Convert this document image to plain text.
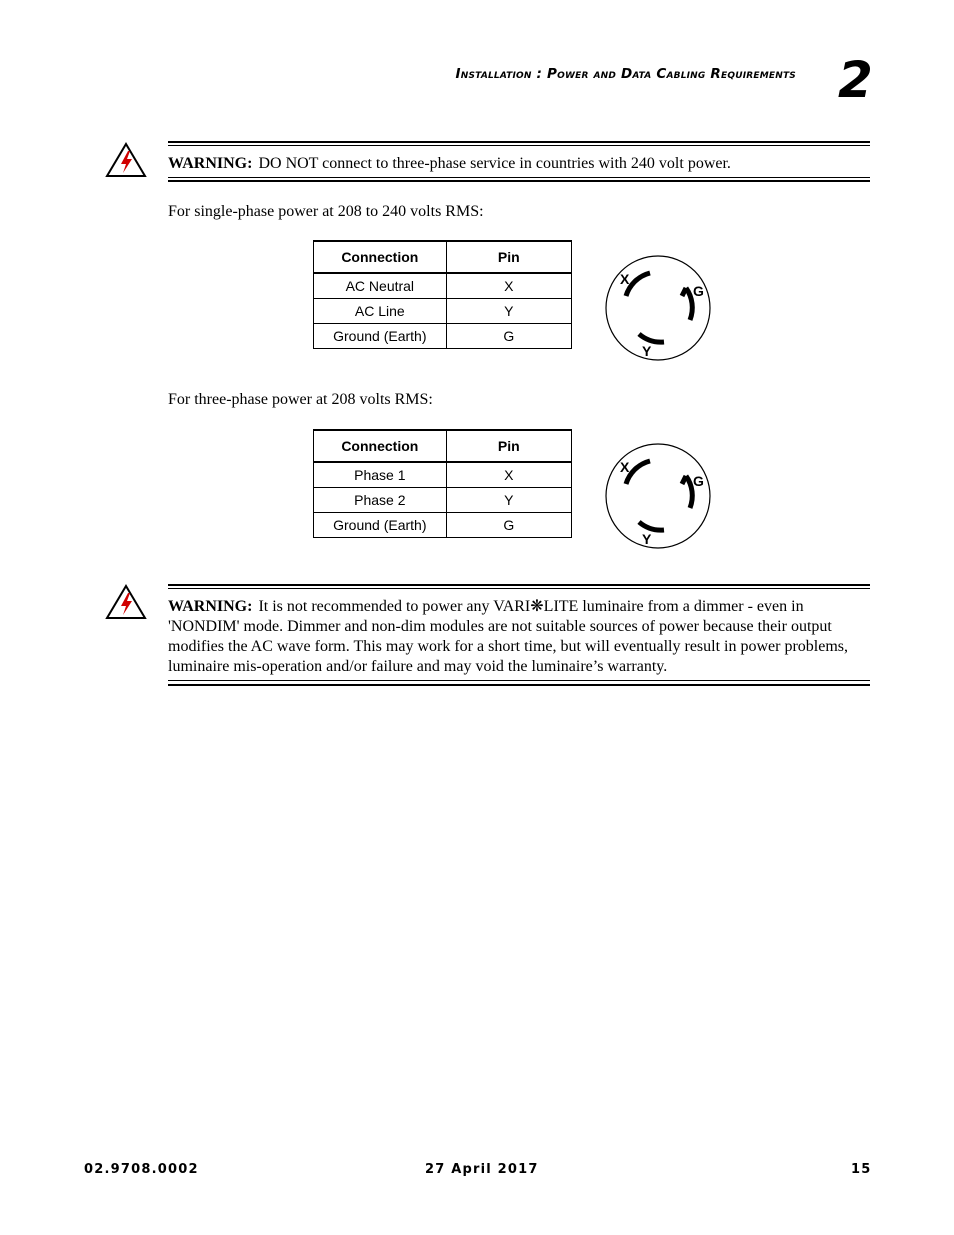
Installation : Power and Data Cabling Requirements 2
WARNING: DO NOT connect to three-phase service in countries with 240 volt power.
For single-phase power at 208 to 240 volts RMS:
Connection	Pin
AC Neutral	X
AC Line	Y
Ground (Earth)	G
X
G
Y
For three-phase power at 208 volts RMS:
Connection	Pin
Phase 1	X
Phase 2	Y
Ground (Earth)	G
X
G
Y
WARNING: It is not recommended to power any VARI❋LITE luminaire from a dimmer - even in 'NONDIM' mode. Dimmer and non-dim modules are not suitable sources of power because their output modifies the AC wave form. This may work for a short time, but will eventually result in power problems, luminaire mis-operation and/or failure and may void the luminaire’s warranty.
02.9708.0002	27 April 2017	15
